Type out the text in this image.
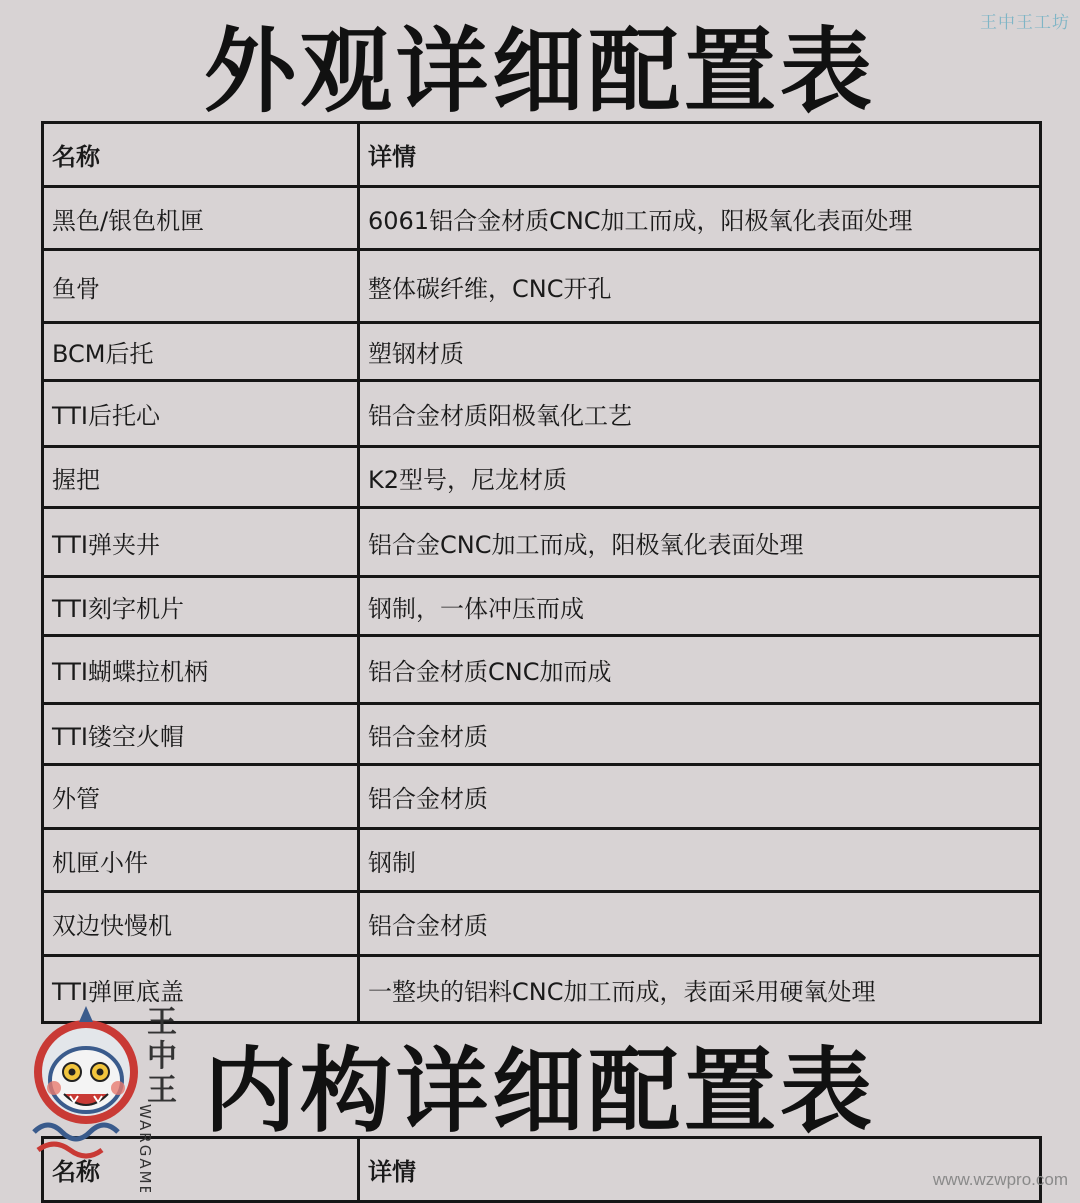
王中王工坊
外观详细配置表
名称	详情
黑色/银色机匣	6061铝合金材质CNC加工而成，阳极氧化表面处理
鱼骨	整体碳纤维，CNC开孔
BCM后托	塑钢材质
TTI后托心	铝合金材质阳极氧化工艺
握把	K2型号，尼龙材质
TTI弹夹井	铝合金CNC加工而成，阳极氧化表面处理
TTI刻字机片	钢制，一体冲压而成
TTI蝴蝶拉机柄	铝合金材质CNC加而成
TTI镂空火帽	铝合金材质
外管	铝合金材质
机匣小件	钢制
双边快慢机	铝合金材质
TTI弹匣底盖	一整块的铝料CNC加工而成，表面采用硬氧处理
内构详细配置表
名称	详情
王
中
王
WARGAME	www.wzwpro.com
